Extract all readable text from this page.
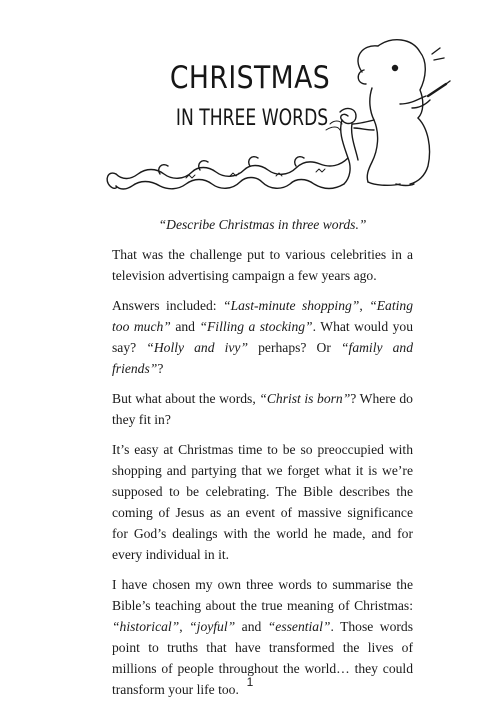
CHRISTMAS
IN THREE WORDS

“Describe Christmas in three words.”

That was the challenge put to various celebrities in a television advertising campaign a few years ago.

Answers included: “Last-minute shopping”, “Eating too much” and “Filling a stocking”. What would you say? “Holly and ivy” perhaps? Or “family and friends”?

But what about the words, “Christ is born”? Where do they fit in?

It’s easy at Christmas time to be so preoccupied with shopping and partying that we forget what it is we’re supposed to be celebrating. The Bible describes the coming of Jesus as an event of massive significance for God’s dealings with the world he made, and for every individual in it.

I have chosen my own three words to summarise the Bible’s teaching about the true meaning of Christmas: “historical”, “joyful” and “essential”. Those words point to truths that have transformed the lives of millions of people throughout the world… they could transform your life too. 1
